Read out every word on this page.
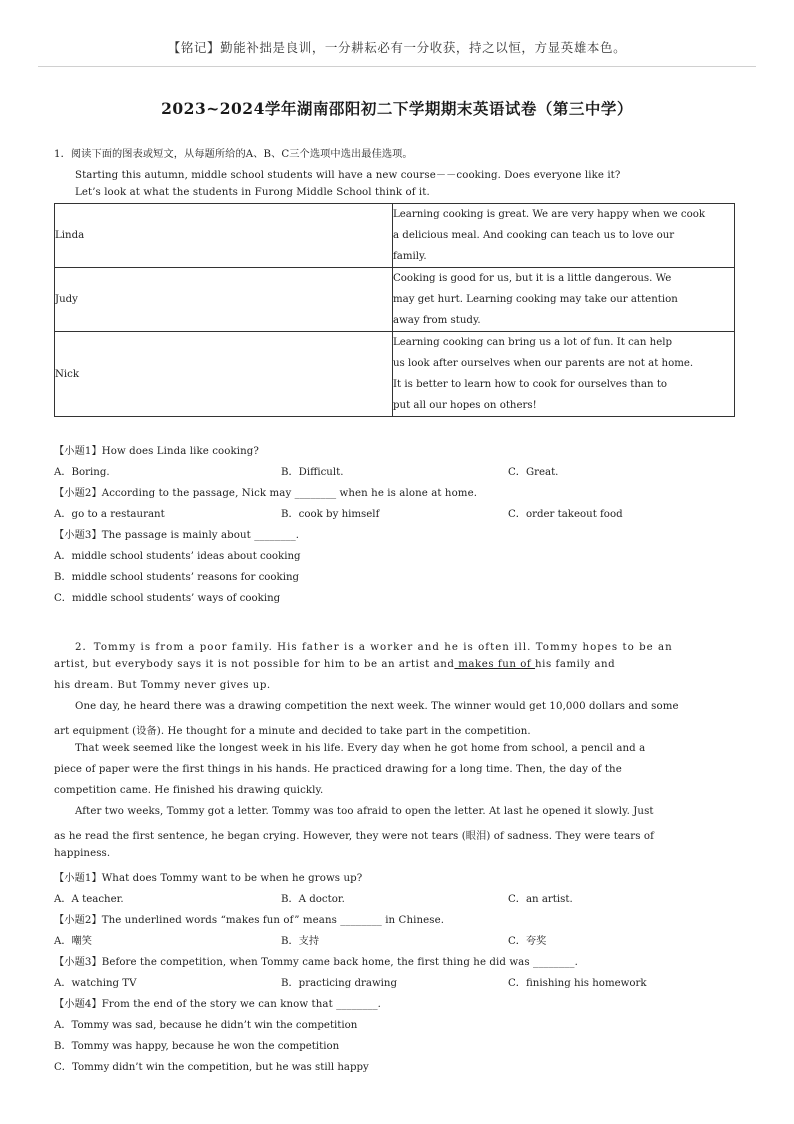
【铭记】勤能补拙是良训，一分耕耘必有一分收获，持之以恒，方显英雄本色。
2023~2024学年湖南邵阳初二下学期期末英语试卷（第三中学）
1．阅读下面的图表或短文，从每题所给的A、B、C三个选项中选出最佳选项。
Starting this autumn, middle school students will have a new course－－cooking. Does everyone like it?
Let’s look at what the students in Furong Middle School think of it.
Linda	Learning cooking is great. We are very happy when we cook
a delicious meal. And cooking can teach us to love our
family.

Judy	Cooking is good for us, but it is a little dangerous. We
may get hurt. Learning cooking may take our attention
away from study.

Nick	Learning cooking can bring us a lot of fun. It can help
us look after ourselves when our parents are not at home.
It is better to learn how to cook for ourselves than to
put all our hopes on others!
【小题1】How does Linda like cooking?
A．Boring.	B．Difficult.	C．Great.
【小题2】According to the passage, Nick may ________ when he is alone at home.
A．go to a restaurant	B．cook by himself	C．order takeout food
【小题3】The passage is mainly about ________.
A．middle school students’ ideas about cooking
B．middle school students’ reasons for cooking
C．middle school students’ ways of cooking
2．Tommy is from a poor family. His father is a worker and he is often ill. Tommy hopes to be an
artist, but everybody says it is not possible for him to be an artist and makes fun of his family and
his dream. But Tommy never gives up.
One day, he heard there was a drawing competition the next week. The winner would get 10,000 dollars and some
art equipment (设备). He thought for a minute and decided to take part in the competition.
That week seemed like the longest week in his life. Every day when he got home from school, a pencil and a
piece of paper were the first things in his hands. He practiced drawing for a long time. Then, the day of the
competition came. He finished his drawing quickly.
After two weeks, Tommy got a letter. Tommy was too afraid to open the letter. At last he opened it slowly. Just
as he read the first sentence, he began crying. However, they were not tears (眼泪) of sadness. They were tears of
happiness.
【小题1】What does Tommy want to be when he grows up?
A．A teacher.	B．A doctor.	C．an artist.
【小题2】The underlined words “makes fun of” means ________ in Chinese.
A．嘲笑	B．支持	C．夸奖
【小题3】Before the competition, when Tommy came back home, the first thing he did was ________.
A．watching TV	B．practicing drawing	C．finishing his homework
【小题4】From the end of the story we can know that ________.
A．Tommy was sad, because he didn’t win the competition
B．Tommy was happy, because he won the competition
C．Tommy didn’t win the competition, but he was still happy
